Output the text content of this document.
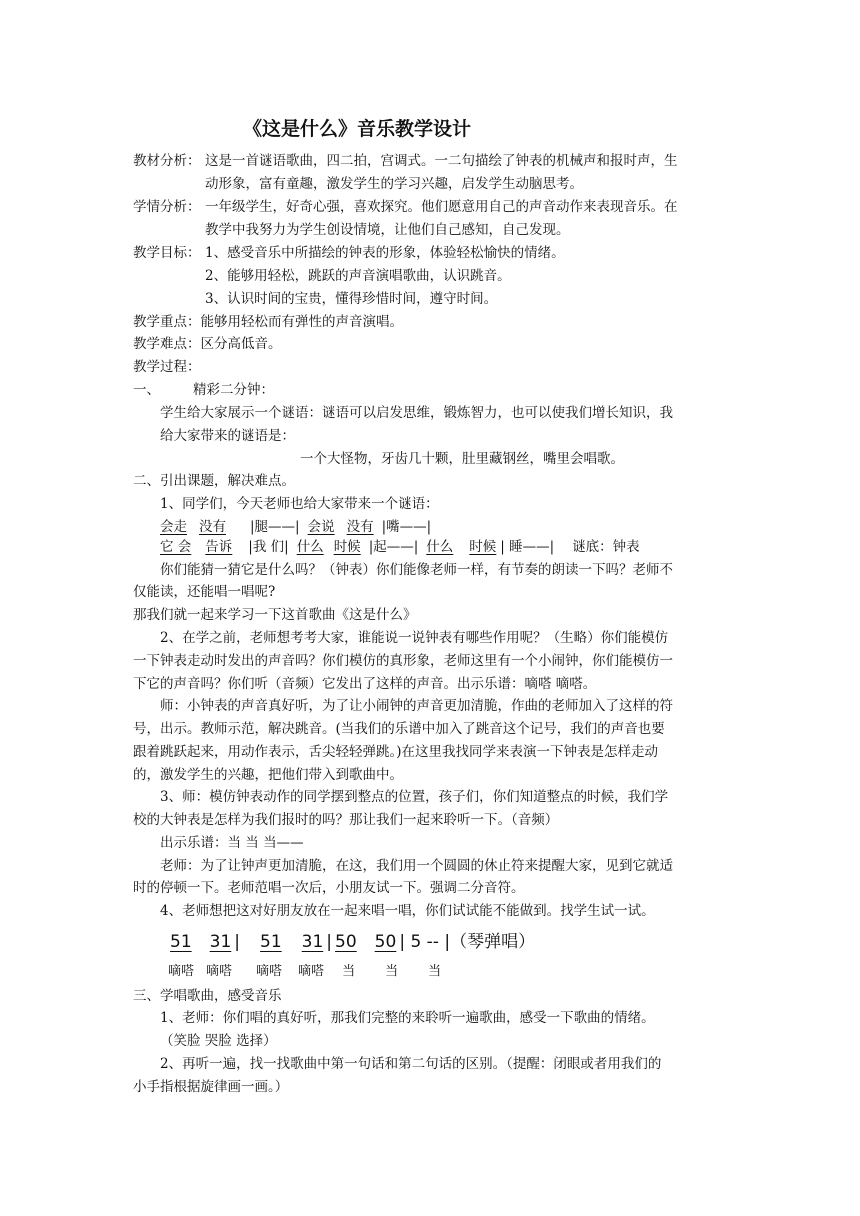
《这是什么》音乐教学设计
教材分析： 这是一首谜语歌曲，四二拍，宫调式。一二句描绘了钟表的机械声和报时声，生
动形象，富有童趣，激发学生的学习兴趣，启发学生动脑思考。
学情分析： 一年级学生，好奇心强，喜欢探究。他们愿意用自己的声音动作来表现音乐。在
教学中我努力为学生创设情境，让他们自己感知，自己发现。
教学目标： 1、感受音乐中所描绘的钟表的形象，体验轻松愉快的情绪。
2、能够用轻松，跳跃的声音演唱歌曲，认识跳音。
3、认识时间的宝贵，懂得珍惜时间，遵守时间。
教学重点：能够用轻松而有弹性的声音演唱。
教学难点：区分高低音。
教学过程：
一、 精彩二分钟：
学生给大家展示一个谜语：谜语可以启发思维，锻炼智力，也可以使我们增长知识，我
给大家带来的谜语是：
一个大怪物，牙齿几十颗，肚里藏钢丝，嘴里会唱歌。
二、引出课题，解决难点。
1、同学们，今天老师也给大家带来一个谜语：
会走 没有 |腿——| 会说 没有 |嘴——|
它 会 告诉 |我 们| 什么 时候 |起——| 什么 时候 | 睡——| 谜底：钟表
你们能猜一猜它是什么吗？（钟表）你们能像老师一样，有节奏的朗读一下吗？老师不
仅能读，还能唱一唱呢?
那我们就一起来学习一下这首歌曲《这是什么》
2、在学之前，老师想考考大家，谁能说一说钟表有哪些作用呢？（生略）你们能模仿
一下钟表走动时发出的声音吗？你们模仿的真形象，老师这里有一个小闹钟，你们能模仿一
下它的声音吗？你们听（音频）它发出了这样的声音。出示乐谱：嘀嗒 嘀嗒。
师：小钟表的声音真好听，为了让小闹钟的声音更加清脆，作曲的老师加入了这样的符
号，出示。教师示范，解决跳音。(当我们的乐谱中加入了跳音这个记号，我们的声音也要
跟着跳跃起来，用动作表示，舌尖轻轻弹跳。)在这里我找同学来表演一下钟表是怎样走动
的，激发学生的兴趣，把他们带入到歌曲中。
3、师：模仿钟表动作的同学摆到整点的位置，孩子们，你们知道整点的时候，我们学
校的大钟表是怎样为我们报时的吗？那让我们一起来聆听一下。（音频）
出示乐谱：当 当 当——
老师：为了让钟声更加清脆，在这，我们用一个圆圆的休止符来提醒大家，见到它就适
时的停顿一下。老师范唱一次后，小朋友试一下。强调二分音符。
4、老师想把这对好朋友放在一起来唱一唱，你们试试能不能做到。找学生试一试。
51 31 | 51 31 | 50 50 | 5 -- |（琴弹唱）
嘀嗒 嘀嗒 嘀嗒 嘀嗒 当 当 当
三、学唱歌曲，感受音乐
1、老师：你们唱的真好听，那我们完整的来聆听一遍歌曲，感受一下歌曲的情绪。
（笑脸 哭脸 选择）
2、再听一遍，找一找歌曲中第一句话和第二句话的区别。（提醒：闭眼或者用我们的
小手指根据旋律画一画。）
